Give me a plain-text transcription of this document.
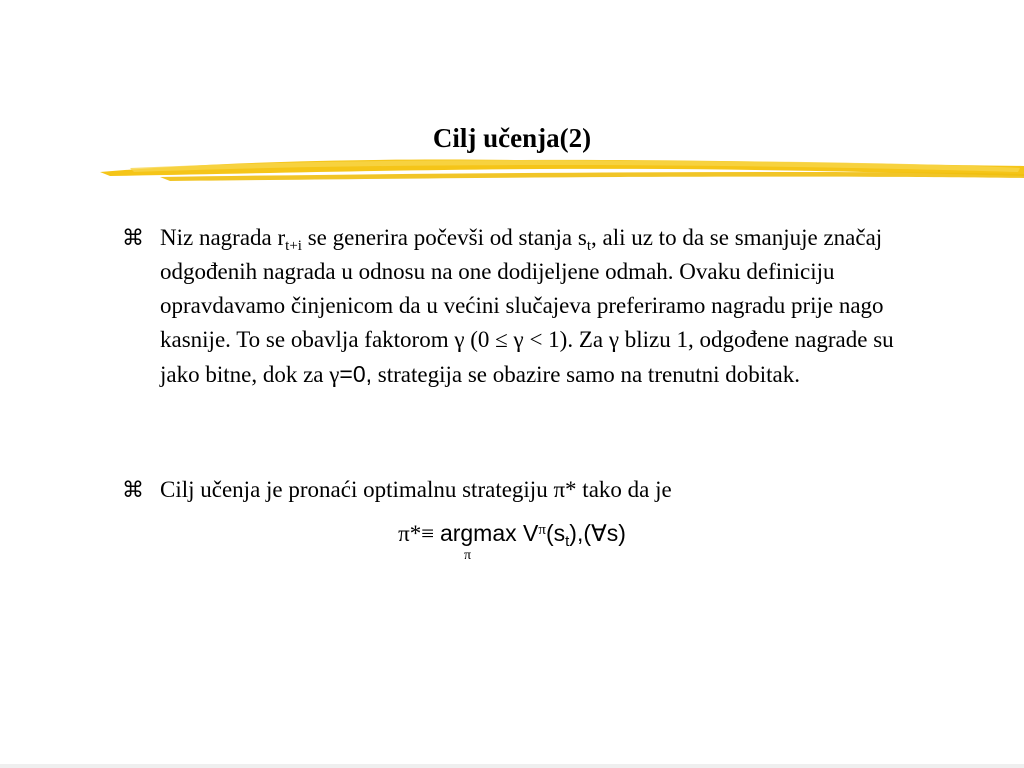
Cilj učenja(2)
⌘ Niz nagrada $r_{t+i}$ se generira počevši od stanja $s_t$, ali uz to da se smanjuje značaj odgođenih nagrada u odnosu na one dodijeljene odmah. Ovaku definiciju opravdavamo činjenicom da u većini slučajeva preferiramo nagradu prije nago kasnije. To se obavlja faktorom γ (0 ≤ γ < 1). Za γ blizu 1, odgođene nagrade su jako bitne, dok za γ=0, strategija se obazire samo na trenutni dobitak.
⌘ Cilj učenja je pronaći optimalnu strategiju π* tako da je
π*≡ argmax $V^\pi(s_t),(\forall s)$
π
